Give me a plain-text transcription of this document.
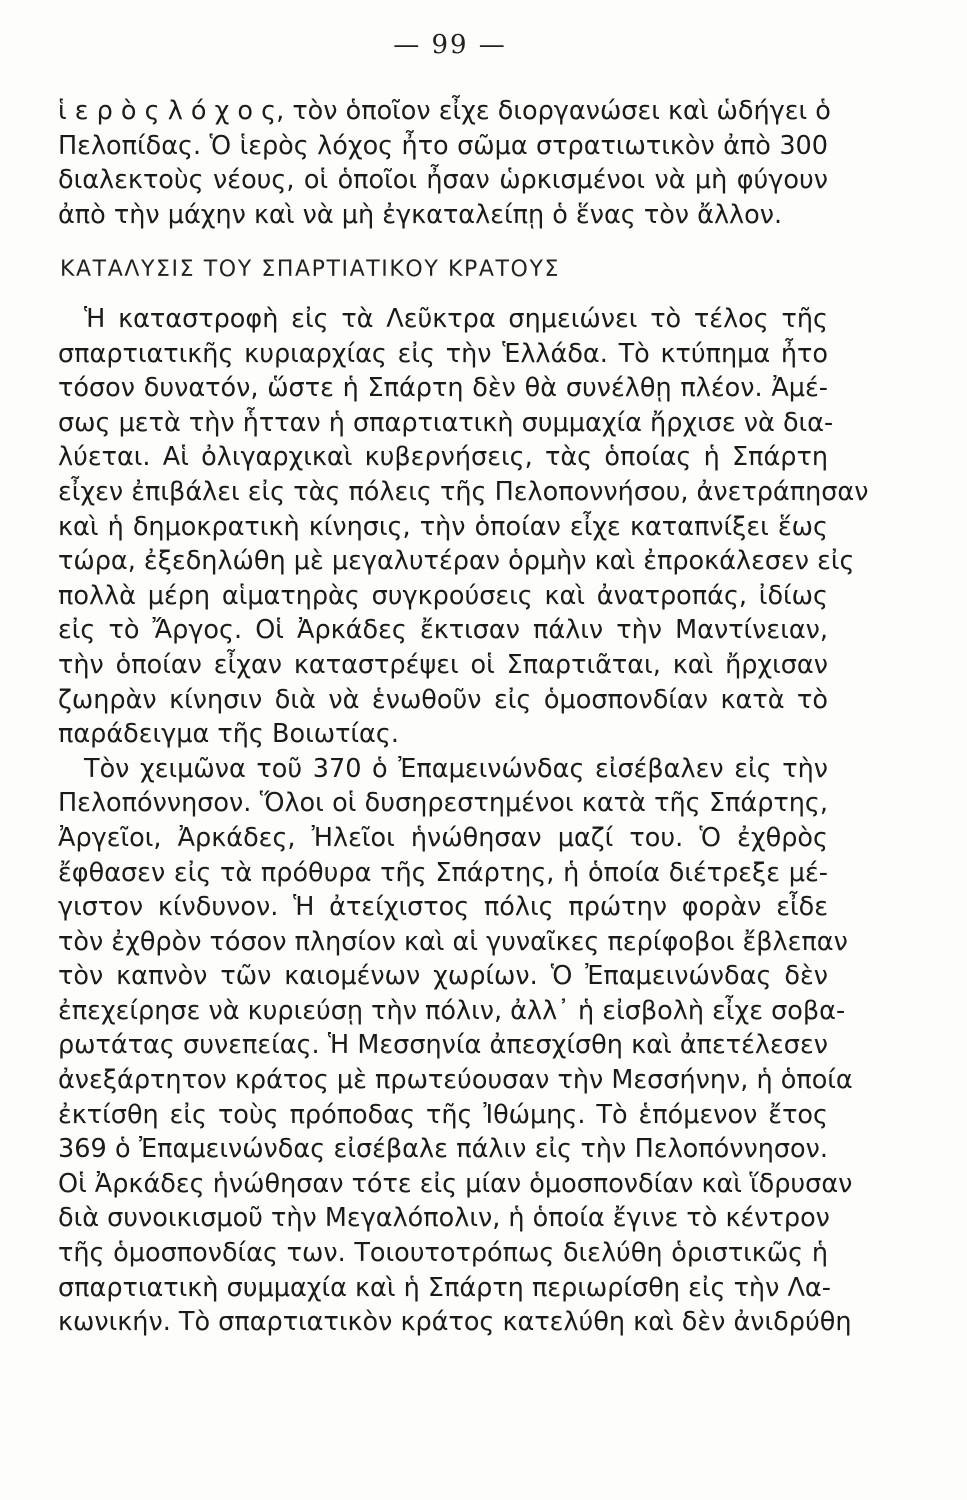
— 99 —
ἱ ε ρ ὸ ς λ ό χ ο ς, τὸν ὁποῖον εἶχε διοργανώσει καὶ ὡδήγει ὁ
Πελοπίδας. Ὁ ἱερὸς λόχος ἦτο σῶμα στρατιωτικὸν ἀπὸ 300
διαλεκτοὺς νέους, οἱ ὁποῖοι ἦσαν ὡρκισμένοι νὰ μὴ φύγουν
ἀπὸ τὴν μάχην καὶ νὰ μὴ ἐγκαταλείπῃ ὁ ἕνας τὸν ἄλλον.
ΚΑΤΑΛΥΣΙΣ ΤΟΥ ΣΠΑΡΤΙΑΤΙΚΟΥ ΚΡΑΤΟΥΣ
Ἡ καταστροφὴ εἰς τὰ Λεῦκτρα σημειώνει τὸ τέλος τῆς
σπαρτιατικῆς κυριαρχίας εἰς τὴν Ἑλλάδα. Τὸ κτύπημα ἦτο
τόσον δυνατόν, ὥστε ἡ Σπάρτη δὲν θὰ συνέλθῃ πλέον. Ἀμέ-
σως μετὰ τὴν ἧτταν ἡ σπαρτιατικὴ συμμαχία ἤρχισε νὰ δια-
λύεται. Αἱ ὀλιγαρχικαὶ κυβερνήσεις, τὰς ὁποίας ἡ Σπάρτη
εἶχεν ἐπιβάλει εἰς τὰς πόλεις τῆς Πελοποννήσου, ἀνετράπησαν
καὶ ἡ δημοκρατικὴ κίνησις, τὴν ὁποίαν εἶχε καταπνίξει ἕως
τώρα, ἐξεδηλώθη μὲ μεγαλυτέραν ὁρμὴν καὶ ἐπροκάλεσεν εἰς
πολλὰ μέρη αἱματηρὰς συγκρούσεις καὶ ἀνατροπάς, ἰδίως
εἰς τὸ Ἄργος. Οἱ Ἀρκάδες ἔκτισαν πάλιν τὴν Μαντίνειαν,
τὴν ὁποίαν εἶχαν καταστρέψει οἱ Σπαρτιᾶται, καὶ ἤρχισαν
ζωηρὰν κίνησιν διὰ νὰ ἑνωθοῦν εἰς ὁμοσπονδίαν κατὰ τὸ
παράδειγμα τῆς Βοιωτίας.
Τὸν χειμῶνα τοῦ 370 ὁ Ἐπαμεινώνδας εἰσέβαλεν εἰς τὴν
Πελοπόννησον. Ὅλοι οἱ δυσηρεστημένοι κατὰ τῆς Σπάρτης,
Ἀργεῖοι, Ἀρκάδες, Ἠλεῖοι ἡνώθησαν μαζί του. Ὁ ἐχθρὸς
ἔφθασεν εἰς τὰ πρόθυρα τῆς Σπάρτης, ἡ ὁποία διέτρεξε μέ-
γιστον κίνδυνον. Ἡ ἀτείχιστος πόλις πρώτην φορὰν εἶδε
τὸν ἐχθρὸν τόσον πλησίον καὶ αἱ γυναῖκες περίφοβοι ἔβλεπαν
τὸν καπνὸν τῶν καιομένων χωρίων. Ὁ Ἐπαμεινώνδας δὲν
ἐπεχείρησε νὰ κυριεύσῃ τὴν πόλιν, ἀλλ᾽ ἡ εἰσβολὴ εἶχε σοβα-
ρωτάτας συνεπείας. Ἡ Μεσσηνία ἀπεσχίσθη καὶ ἀπετέλεσεν
ἀνεξάρτητον κράτος μὲ πρωτεύουσαν τὴν Μεσσήνην, ἡ ὁποία
ἐκτίσθη εἰς τοὺς πρόποδας τῆς Ἰθώμης. Τὸ ἑπόμενον ἔτος
369 ὁ Ἐπαμεινώνδας εἰσέβαλε πάλιν εἰς τὴν Πελοπόννησον.
Οἱ Ἀρκάδες ἡνώθησαν τότε εἰς μίαν ὁμοσπονδίαν καὶ ἵδρυσαν
διὰ συνοικισμοῦ τὴν Μεγαλόπολιν, ἡ ὁποία ἔγινε τὸ κέντρον
τῆς ὁμοσπονδίας των. Τοιουτοτρόπως διελύθη ὁριστικῶς ἡ
σπαρτιατικὴ συμμαχία καὶ ἡ Σπάρτη περιωρίσθη εἰς τὴν Λα-
κωνικήν. Τὸ σπαρτιατικὸν κράτος κατελύθη καὶ δὲν ἀνιδρύθη
